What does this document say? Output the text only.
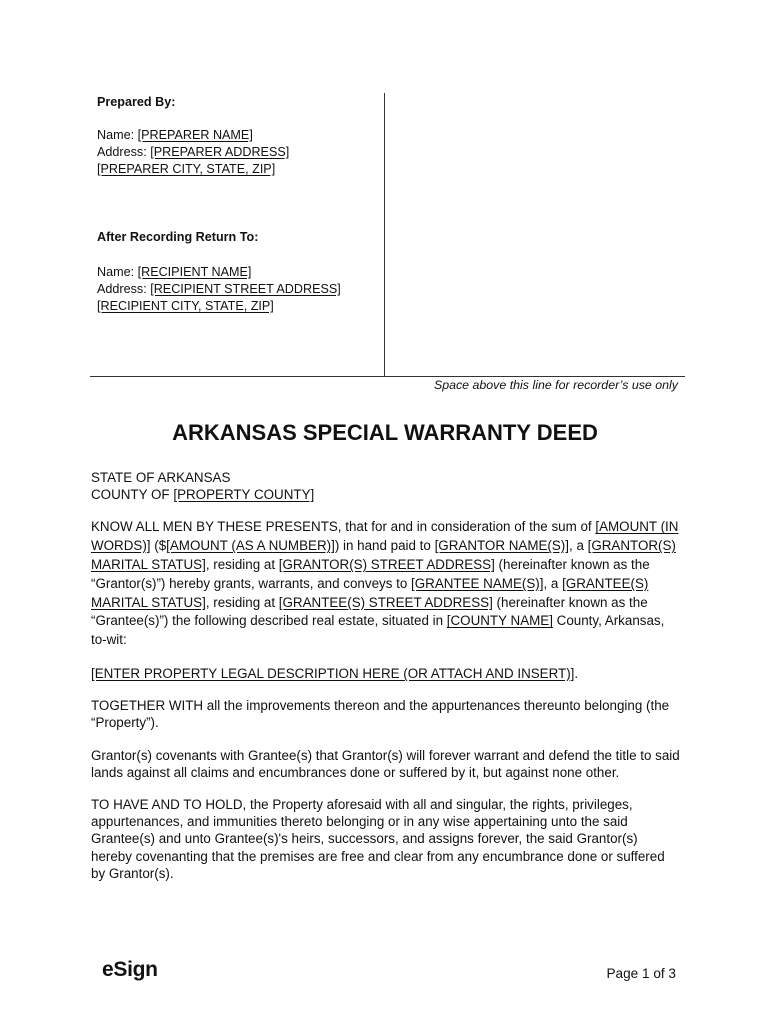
Prepared By:
Name: [PREPARER NAME]
Address: [PREPARER ADDRESS]
[PREPARER CITY, STATE, ZIP]
After Recording Return To:
Name: [RECIPIENT NAME]
Address: [RECIPIENT STREET ADDRESS]
[RECIPIENT CITY, STATE, ZIP]
Space above this line for recorder’s use only
ARKANSAS SPECIAL WARRANTY DEED

STATE OF ARKANSAS
COUNTY OF [PROPERTY COUNTY]

KNOW ALL MEN BY THESE PRESENTS, that for and in consideration of the sum of [AMOUNT (IN WORDS)] ($[AMOUNT (AS A NUMBER)]) in hand paid to [GRANTOR NAME(S)], a [GRANTOR(S) MARITAL STATUS], residing at [GRANTOR(S) STREET ADDRESS] (hereinafter known as the “Grantor(s)”) hereby grants, warrants, and conveys to [GRANTEE NAME(S)], a [GRANTEE(S) MARITAL STATUS], residing at [GRANTEE(S) STREET ADDRESS] (hereinafter known as the “Grantee(s)”) the following described real estate, situated in [COUNTY NAME] County, Arkansas, to-wit:

[ENTER PROPERTY LEGAL DESCRIPTION HERE (OR ATTACH AND INSERT)].

TOGETHER WITH all the improvements thereon and the appurtenances thereunto belonging (the “Property”).

Grantor(s) covenants with Grantee(s) that Grantor(s) will forever warrant and defend the title to said lands against all claims and encumbrances done or suffered by it, but against none other.

TO HAVE AND TO HOLD, the Property aforesaid with all and singular, the rights, privileges, appurtenances, and immunities thereto belonging or in any wise appertaining unto the said Grantee(s) and unto Grantee(s)'s heirs, successors, and assigns forever, the said Grantor(s) hereby covenanting that the premises are free and clear from any encumbrance done or suffered by Grantor(s).

eSign	Page 1 of 3
